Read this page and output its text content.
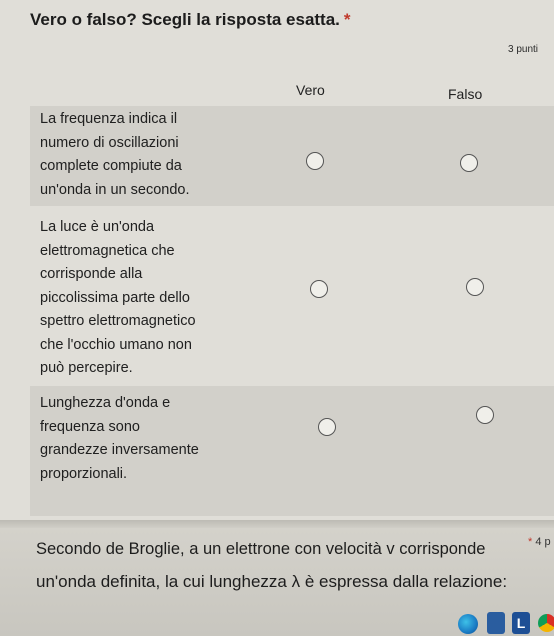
Vero o falso? Scegli la risposta esatta. *
3 punti
Vero	Falso
La frequenza indica il
numero di oscillazioni
complete compiute da
un'onda in un secondo.
La luce è un'onda
elettromagnetica che
corrisponde alla
piccolissima parte dello
spettro elettromagnetico
che l'occhio umano non
può percepire.
Lunghezza d'onda e
frequenza sono
grandezze inversamente
proporzionali.
Secondo de Broglie, a un elettrone con velocità v corrisponde	* 4 p
un'onda definita, la cui lunghezza λ è espressa dalla relazione:
L
